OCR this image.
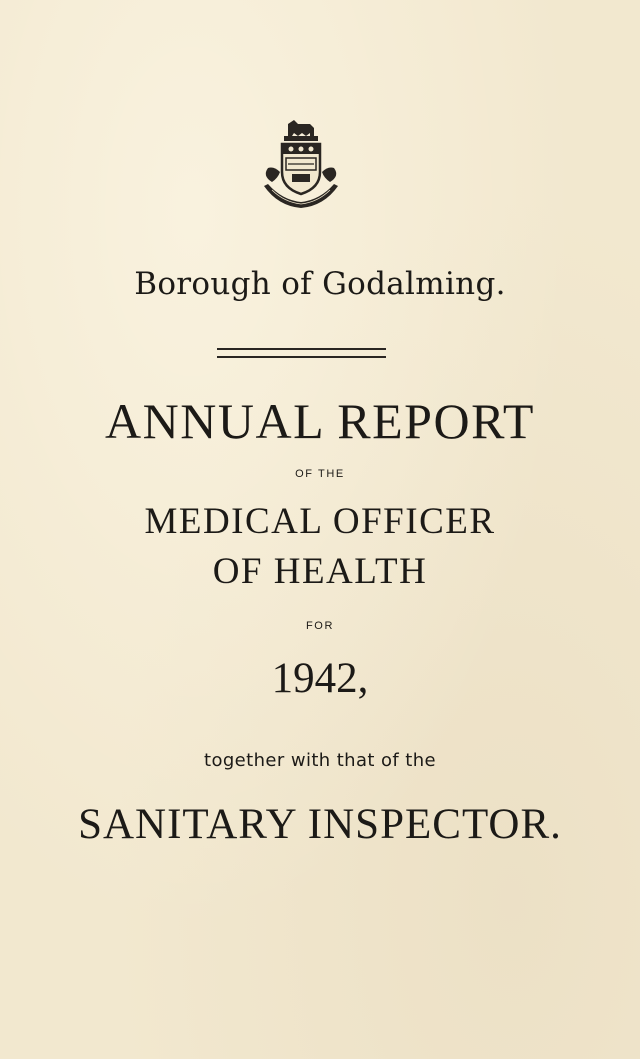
Borough of Godalming.
ANNUAL REPORT
OF THE
MEDICAL OFFICER
OF HEALTH
FOR
1942,
together with that of the
SANITARY INSPECTOR.
